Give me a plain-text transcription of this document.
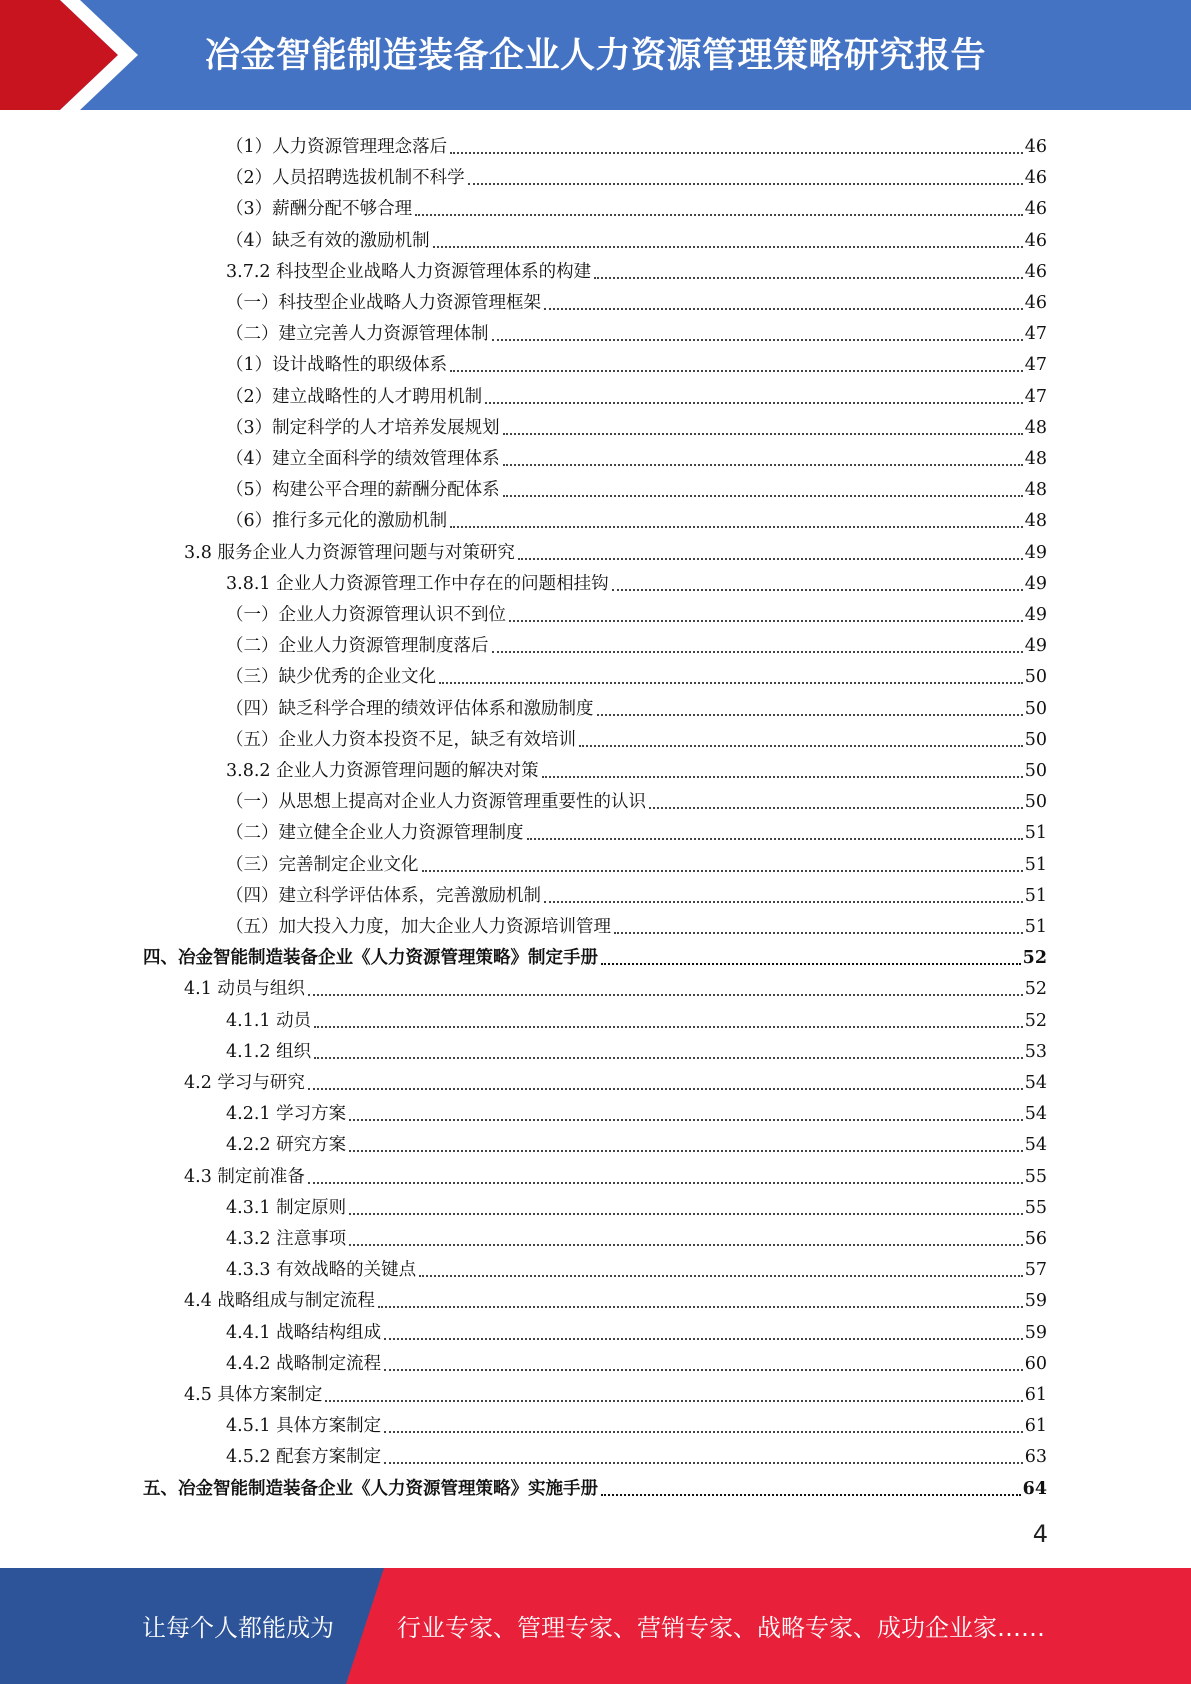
冶金智能制造装备企业人力资源管理策略研究报告
（1）人力资源管理理念落后	46
（2）人员招聘选拔机制不科学	46
（3）薪酬分配不够合理	46
（4）缺乏有效的激励机制	46
3.7.2 科技型企业战略人力资源管理体系的构建	46
（一）科技型企业战略人力资源管理框架	46
（二）建立完善人力资源管理体制	47
（1）设计战略性的职级体系	47
（2）建立战略性的人才聘用机制	47
（3）制定科学的人才培养发展规划	48
（4）建立全面科学的绩效管理体系	48
（5）构建公平合理的薪酬分配体系	48
（6）推行多元化的激励机制	48
3.8 服务企业人力资源管理问题与对策研究	49
3.8.1 企业人力资源管理工作中存在的问题相挂钩	49
（一）企业人力资源管理认识不到位	49
（二）企业人力资源管理制度落后	49
（三）缺少优秀的企业文化	50
（四）缺乏科学合理的绩效评估体系和激励制度	50
（五）企业人力资本投资不足，缺乏有效培训	50
3.8.2 企业人力资源管理问题的解决对策	50
（一）从思想上提高对企业人力资源管理重要性的认识	50
（二）建立健全企业人力资源管理制度	51
（三）完善制定企业文化	51
（四）建立科学评估体系，完善激励机制	51
（五）加大投入力度，加大企业人力资源培训管理	51
四、冶金智能制造装备企业《人力资源管理策略》制定手册	52
4.1 动员与组织	52
4.1.1 动员	52
4.1.2 组织	53
4.2 学习与研究	54
4.2.1 学习方案	54
4.2.2 研究方案	54
4.3 制定前准备	55
4.3.1 制定原则	55
4.3.2 注意事项	56
4.3.3 有效战略的关键点	57
4.4 战略组成与制定流程	59
4.4.1 战略结构组成	59
4.4.2 战略制定流程	60
4.5 具体方案制定	61
4.5.1 具体方案制定	61
4.5.2 配套方案制定	63
五、冶金智能制造装备企业《人力资源管理策略》实施手册	64
4
让每个人都能成为	行业专家、管理专家、营销专家、战略专家、成功企业家……
